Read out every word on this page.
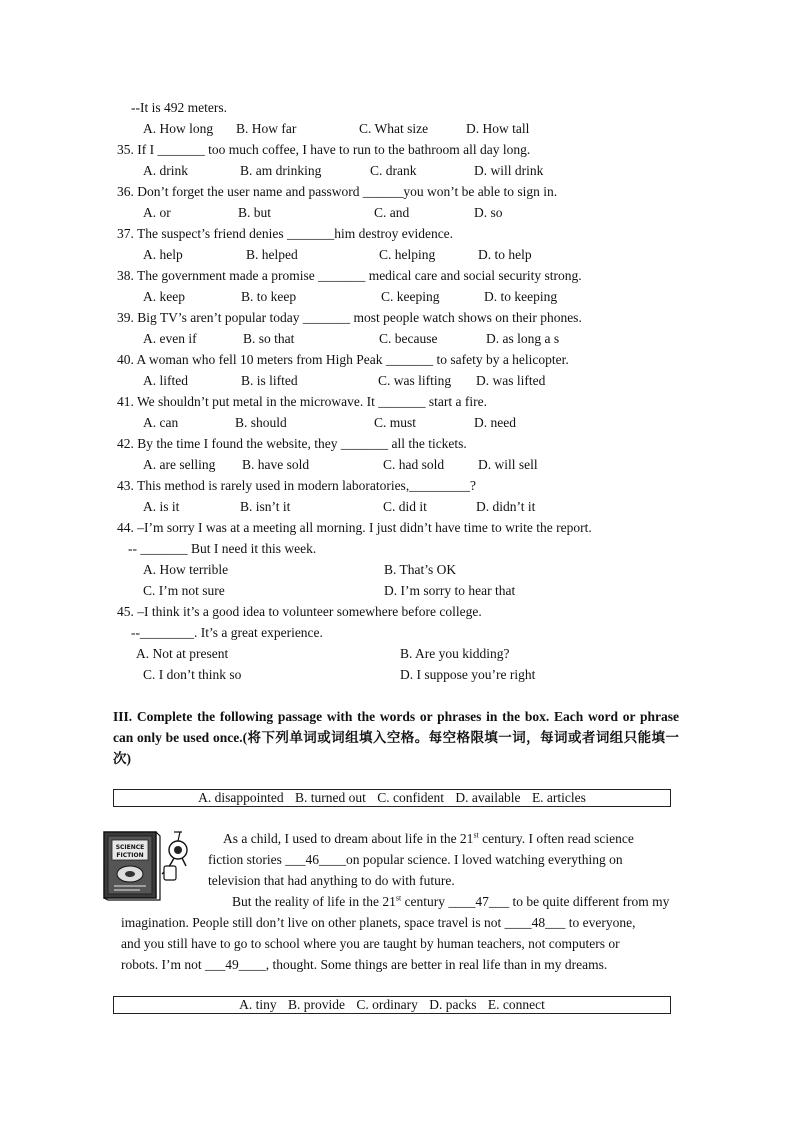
--It is 492 meters.
A. How long B. How far	C. What size	D. How tall
35. If I _______ too much coffee, I have to run to the bathroom all day long.
A. drink	B. am drinking	C. drank	D. will drink
36. Don’t forget the user name and password ______you won’t be able to sign in.
A. or	B. but	C. and	D. so
37. The suspect’s friend denies _______him destroy evidence.
A. help	B. helped	C. helping	D. to help
38. The government made a promise _______ medical care and social security strong.
A. keep	B. to keep	C. keeping	D. to keeping
39. Big TV’s aren’t popular today _______ most people watch shows on their phones.
A. even if	B. so that	C. because	D. as long a s
40. A woman who fell 10 meters from High Peak _______ to safety by a helicopter.
A. lifted	B. is lifted	C. was lifting D. was lifted
41. We shouldn’t put metal in the microwave. It _______ start a fire.
A. can	B. should	C. must	D. need
42. By the time I found the website, they _______ all the tickets.
A. are selling B. have sold	C. had sold	D. will sell
43. This method is rarely used in modern laboratories,_________?
A. is it	B. isn’t it	C. did it	D. didn’t it
44. –I’m sorry I was at a meeting all morning. I just didn’t have time to write the report.
-- _______ But I need it this week.
A. How terrible	B. That’s OK
C. I’m not sure	D. I’m sorry to hear that
45. –I think it’s a good idea to volunteer somewhere before college.
--________. It’s a great experience.
A. Not at present	B. Are you kidding?
C. I don’t think so	D. I suppose you’re right
III. Complete the following passage with the words or phrases in the box. Each word or phrase can only be used once.(将下列单词或词组填入空格。每空格限填一词，每词或者词组只能填一次)
A. disappointed B. turned out C. confident D. available E. articles
SCIENCE
FICTION
As a child, I used to dream about life in the 21st century. I often read science
fiction stories ___46____on popular science. I loved watching everything on
television that had anything to do with future.
But the reality of life in the 21st century ____47___ to be quite different from my
imagination. People still don’t live on other planets, space travel is not ____48___ to everyone,
and you still have to go to school where you are taught by human teachers, not computers or
robots. I’m not ___49____, thought. Some things are better in real life than in my dreams.
A. tiny B. provide C. ordinary D. packs E. connect
